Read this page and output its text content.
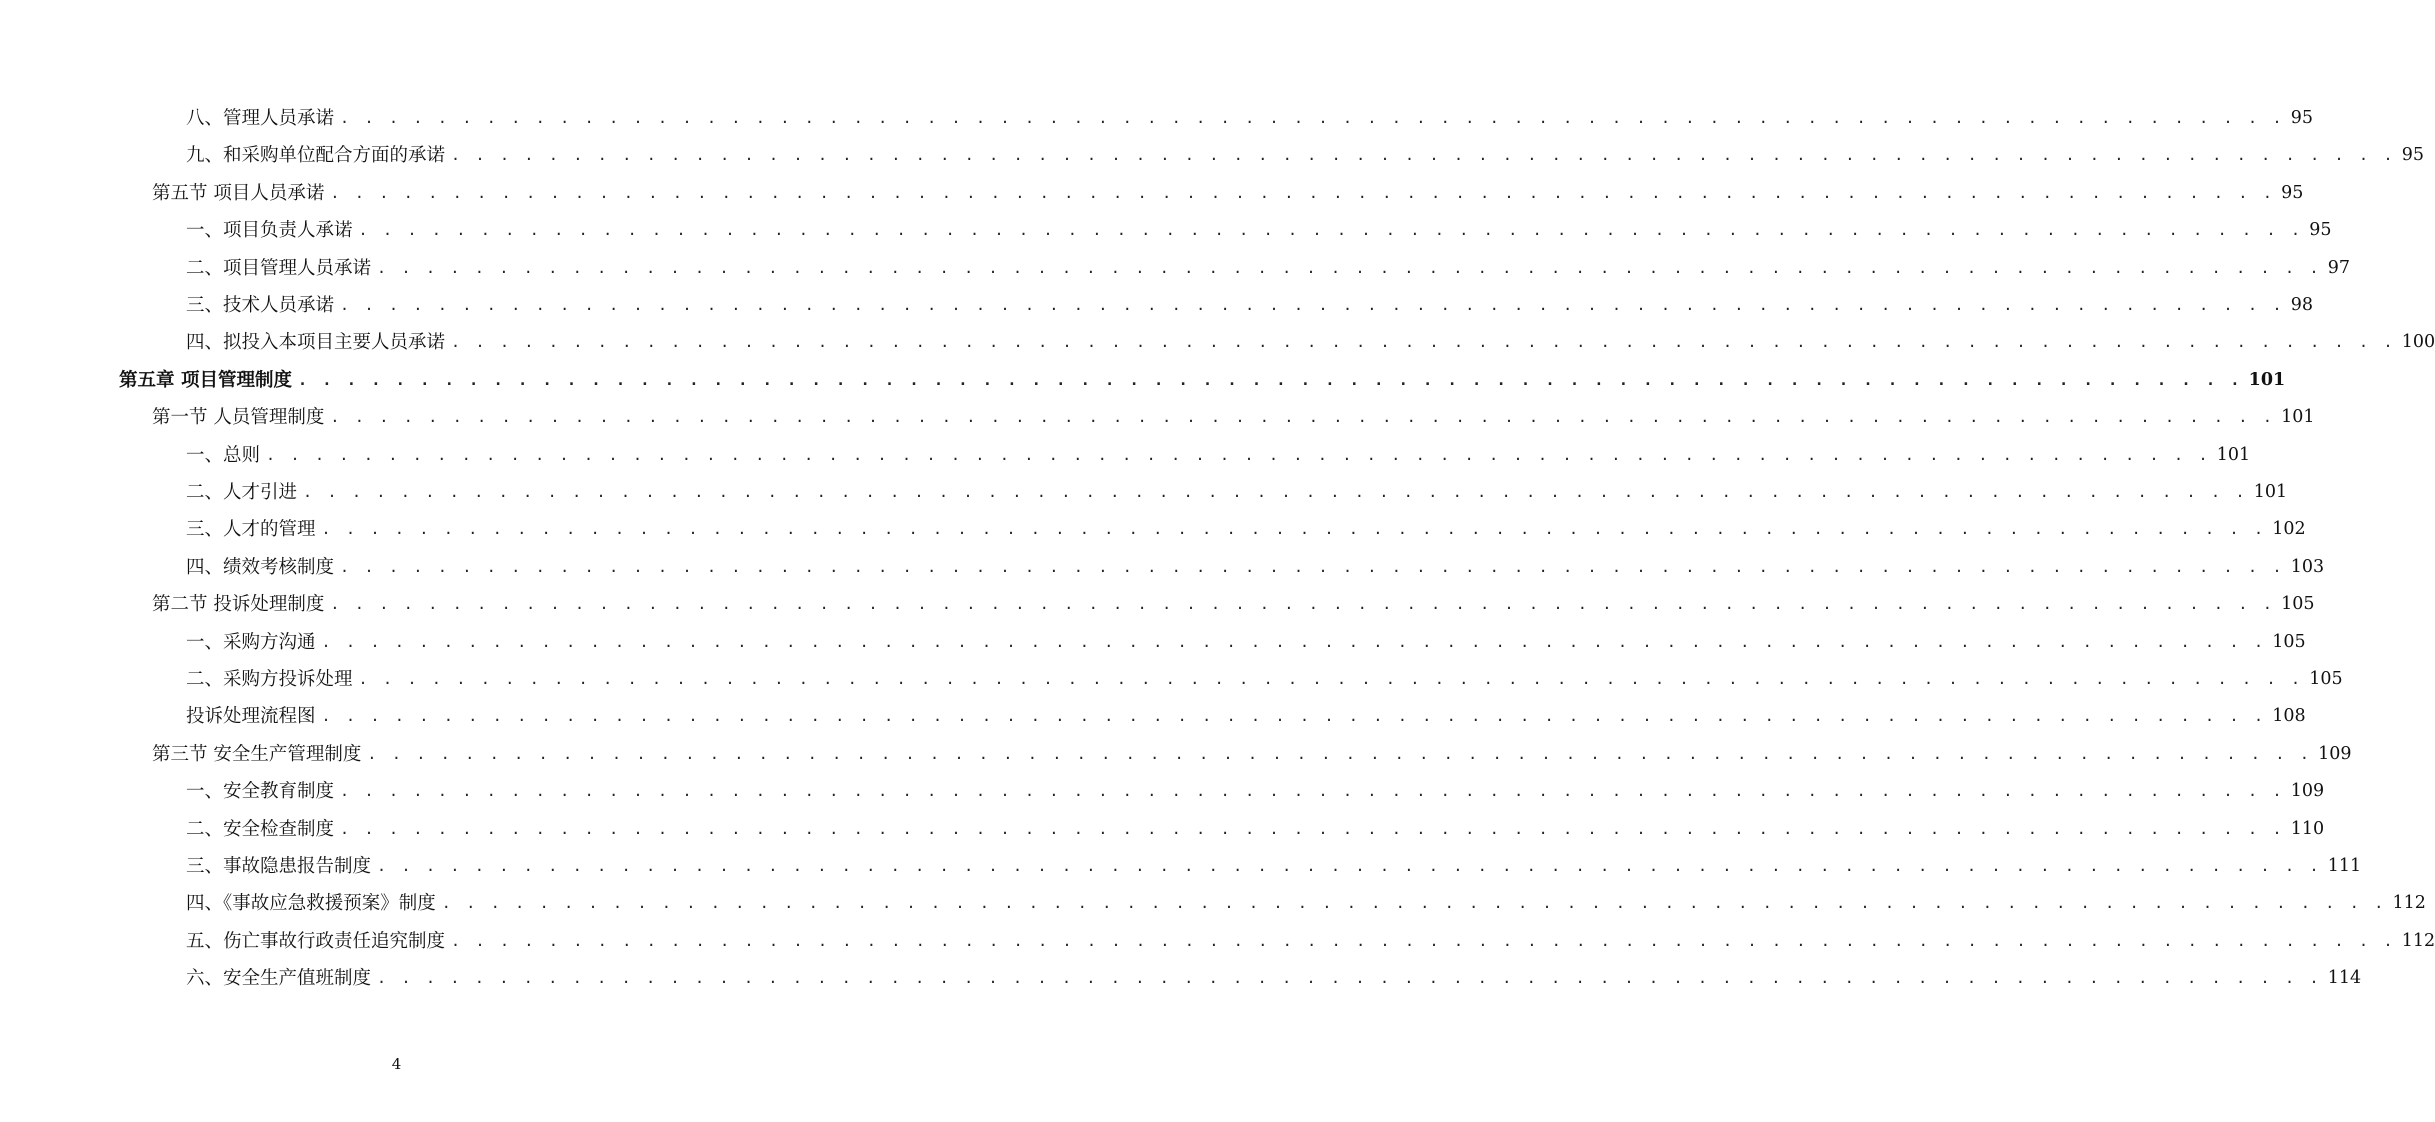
八、管理人员承诺 . . . . . . . . . . . . . . . . . . . . . . . . . . . . . . . . . . . . . . . . . . . . . . . . . . . . . . . . . . . . . . . . . . . . . . . . . . . . . . . . 95
九、和采购单位配合方面的承诺 . . . . . . . . . . . . . . . . . . . . . . . . . . . . . . . . . . . . . . . . . . . . . . . . . . . . . . . . . . . . . . . . . . . . . . . . . . . . . . . . 95
第五节 项目人员承诺 . . . . . . . . . . . . . . . . . . . . . . . . . . . . . . . . . . . . . . . . . . . . . . . . . . . . . . . . . . . . . . . . . . . . . . . . . . . . . . . . 95
一、项目负责人承诺 . . . . . . . . . . . . . . . . . . . . . . . . . . . . . . . . . . . . . . . . . . . . . . . . . . . . . . . . . . . . . . . . . . . . . . . . . . . . . . . . 95
二、项目管理人员承诺 . . . . . . . . . . . . . . . . . . . . . . . . . . . . . . . . . . . . . . . . . . . . . . . . . . . . . . . . . . . . . . . . . . . . . . . . . . . . . . . . 97
三、技术人员承诺 . . . . . . . . . . . . . . . . . . . . . . . . . . . . . . . . . . . . . . . . . . . . . . . . . . . . . . . . . . . . . . . . . . . . . . . . . . . . . . . . 98
四、拟投入本项目主要人员承诺 . . . . . . . . . . . . . . . . . . . . . . . . . . . . . . . . . . . . . . . . . . . . . . . . . . . . . . . . . . . . . . . . . . . . . . . . . . . . . . . . 100
第五章 项目管理制度 . . . . . . . . . . . . . . . . . . . . . . . . . . . . . . . . . . . . . . . . . . . . . . . . . . . . . . . . . . . . . . . . . . . . . . . . . . . . . . . . 101
第一节 人员管理制度 . . . . . . . . . . . . . . . . . . . . . . . . . . . . . . . . . . . . . . . . . . . . . . . . . . . . . . . . . . . . . . . . . . . . . . . . . . . . . . . . 101
一、总则 . . . . . . . . . . . . . . . . . . . . . . . . . . . . . . . . . . . . . . . . . . . . . . . . . . . . . . . . . . . . . . . . . . . . . . . . . . . . . . . . 101
二、人才引进 . . . . . . . . . . . . . . . . . . . . . . . . . . . . . . . . . . . . . . . . . . . . . . . . . . . . . . . . . . . . . . . . . . . . . . . . . . . . . . . . 101
三、人才的管理 . . . . . . . . . . . . . . . . . . . . . . . . . . . . . . . . . . . . . . . . . . . . . . . . . . . . . . . . . . . . . . . . . . . . . . . . . . . . . . . . 102
四、绩效考核制度 . . . . . . . . . . . . . . . . . . . . . . . . . . . . . . . . . . . . . . . . . . . . . . . . . . . . . . . . . . . . . . . . . . . . . . . . . . . . . . . . 103
第二节 投诉处理制度 . . . . . . . . . . . . . . . . . . . . . . . . . . . . . . . . . . . . . . . . . . . . . . . . . . . . . . . . . . . . . . . . . . . . . . . . . . . . . . . . 105
一、采购方沟通 . . . . . . . . . . . . . . . . . . . . . . . . . . . . . . . . . . . . . . . . . . . . . . . . . . . . . . . . . . . . . . . . . . . . . . . . . . . . . . . . 105
二、采购方投诉处理 . . . . . . . . . . . . . . . . . . . . . . . . . . . . . . . . . . . . . . . . . . . . . . . . . . . . . . . . . . . . . . . . . . . . . . . . . . . . . . . . 105
投诉处理流程图 . . . . . . . . . . . . . . . . . . . . . . . . . . . . . . . . . . . . . . . . . . . . . . . . . . . . . . . . . . . . . . . . . . . . . . . . . . . . . . . . 108
第三节 安全生产管理制度 . . . . . . . . . . . . . . . . . . . . . . . . . . . . . . . . . . . . . . . . . . . . . . . . . . . . . . . . . . . . . . . . . . . . . . . . . . . . . . . . 109
一、安全教育制度 . . . . . . . . . . . . . . . . . . . . . . . . . . . . . . . . . . . . . . . . . . . . . . . . . . . . . . . . . . . . . . . . . . . . . . . . . . . . . . . . 109
二、安全检查制度 . . . . . . . . . . . . . . . . . . . . . . . . . . . . . . . . . . . . . . . . . . . . . . . . . . . . . . . . . . . . . . . . . . . . . . . . . . . . . . . . 110
三、事故隐患报告制度 . . . . . . . . . . . . . . . . . . . . . . . . . . . . . . . . . . . . . . . . . . . . . . . . . . . . . . . . . . . . . . . . . . . . . . . . . . . . . . . . 111
四、《事故应急救援预案》制度 . . . . . . . . . . . . . . . . . . . . . . . . . . . . . . . . . . . . . . . . . . . . . . . . . . . . . . . . . . . . . . . . . . . . . . . . . . . . . . . . 112
五、伤亡事故行政责任追究制度 . . . . . . . . . . . . . . . . . . . . . . . . . . . . . . . . . . . . . . . . . . . . . . . . . . . . . . . . . . . . . . . . . . . . . . . . . . . . . . . . 112
六、安全生产值班制度 . . . . . . . . . . . . . . . . . . . . . . . . . . . . . . . . . . . . . . . . . . . . . . . . . . . . . . . . . . . . . . . . . . . . . . . . . . . . . . . . 114
4
